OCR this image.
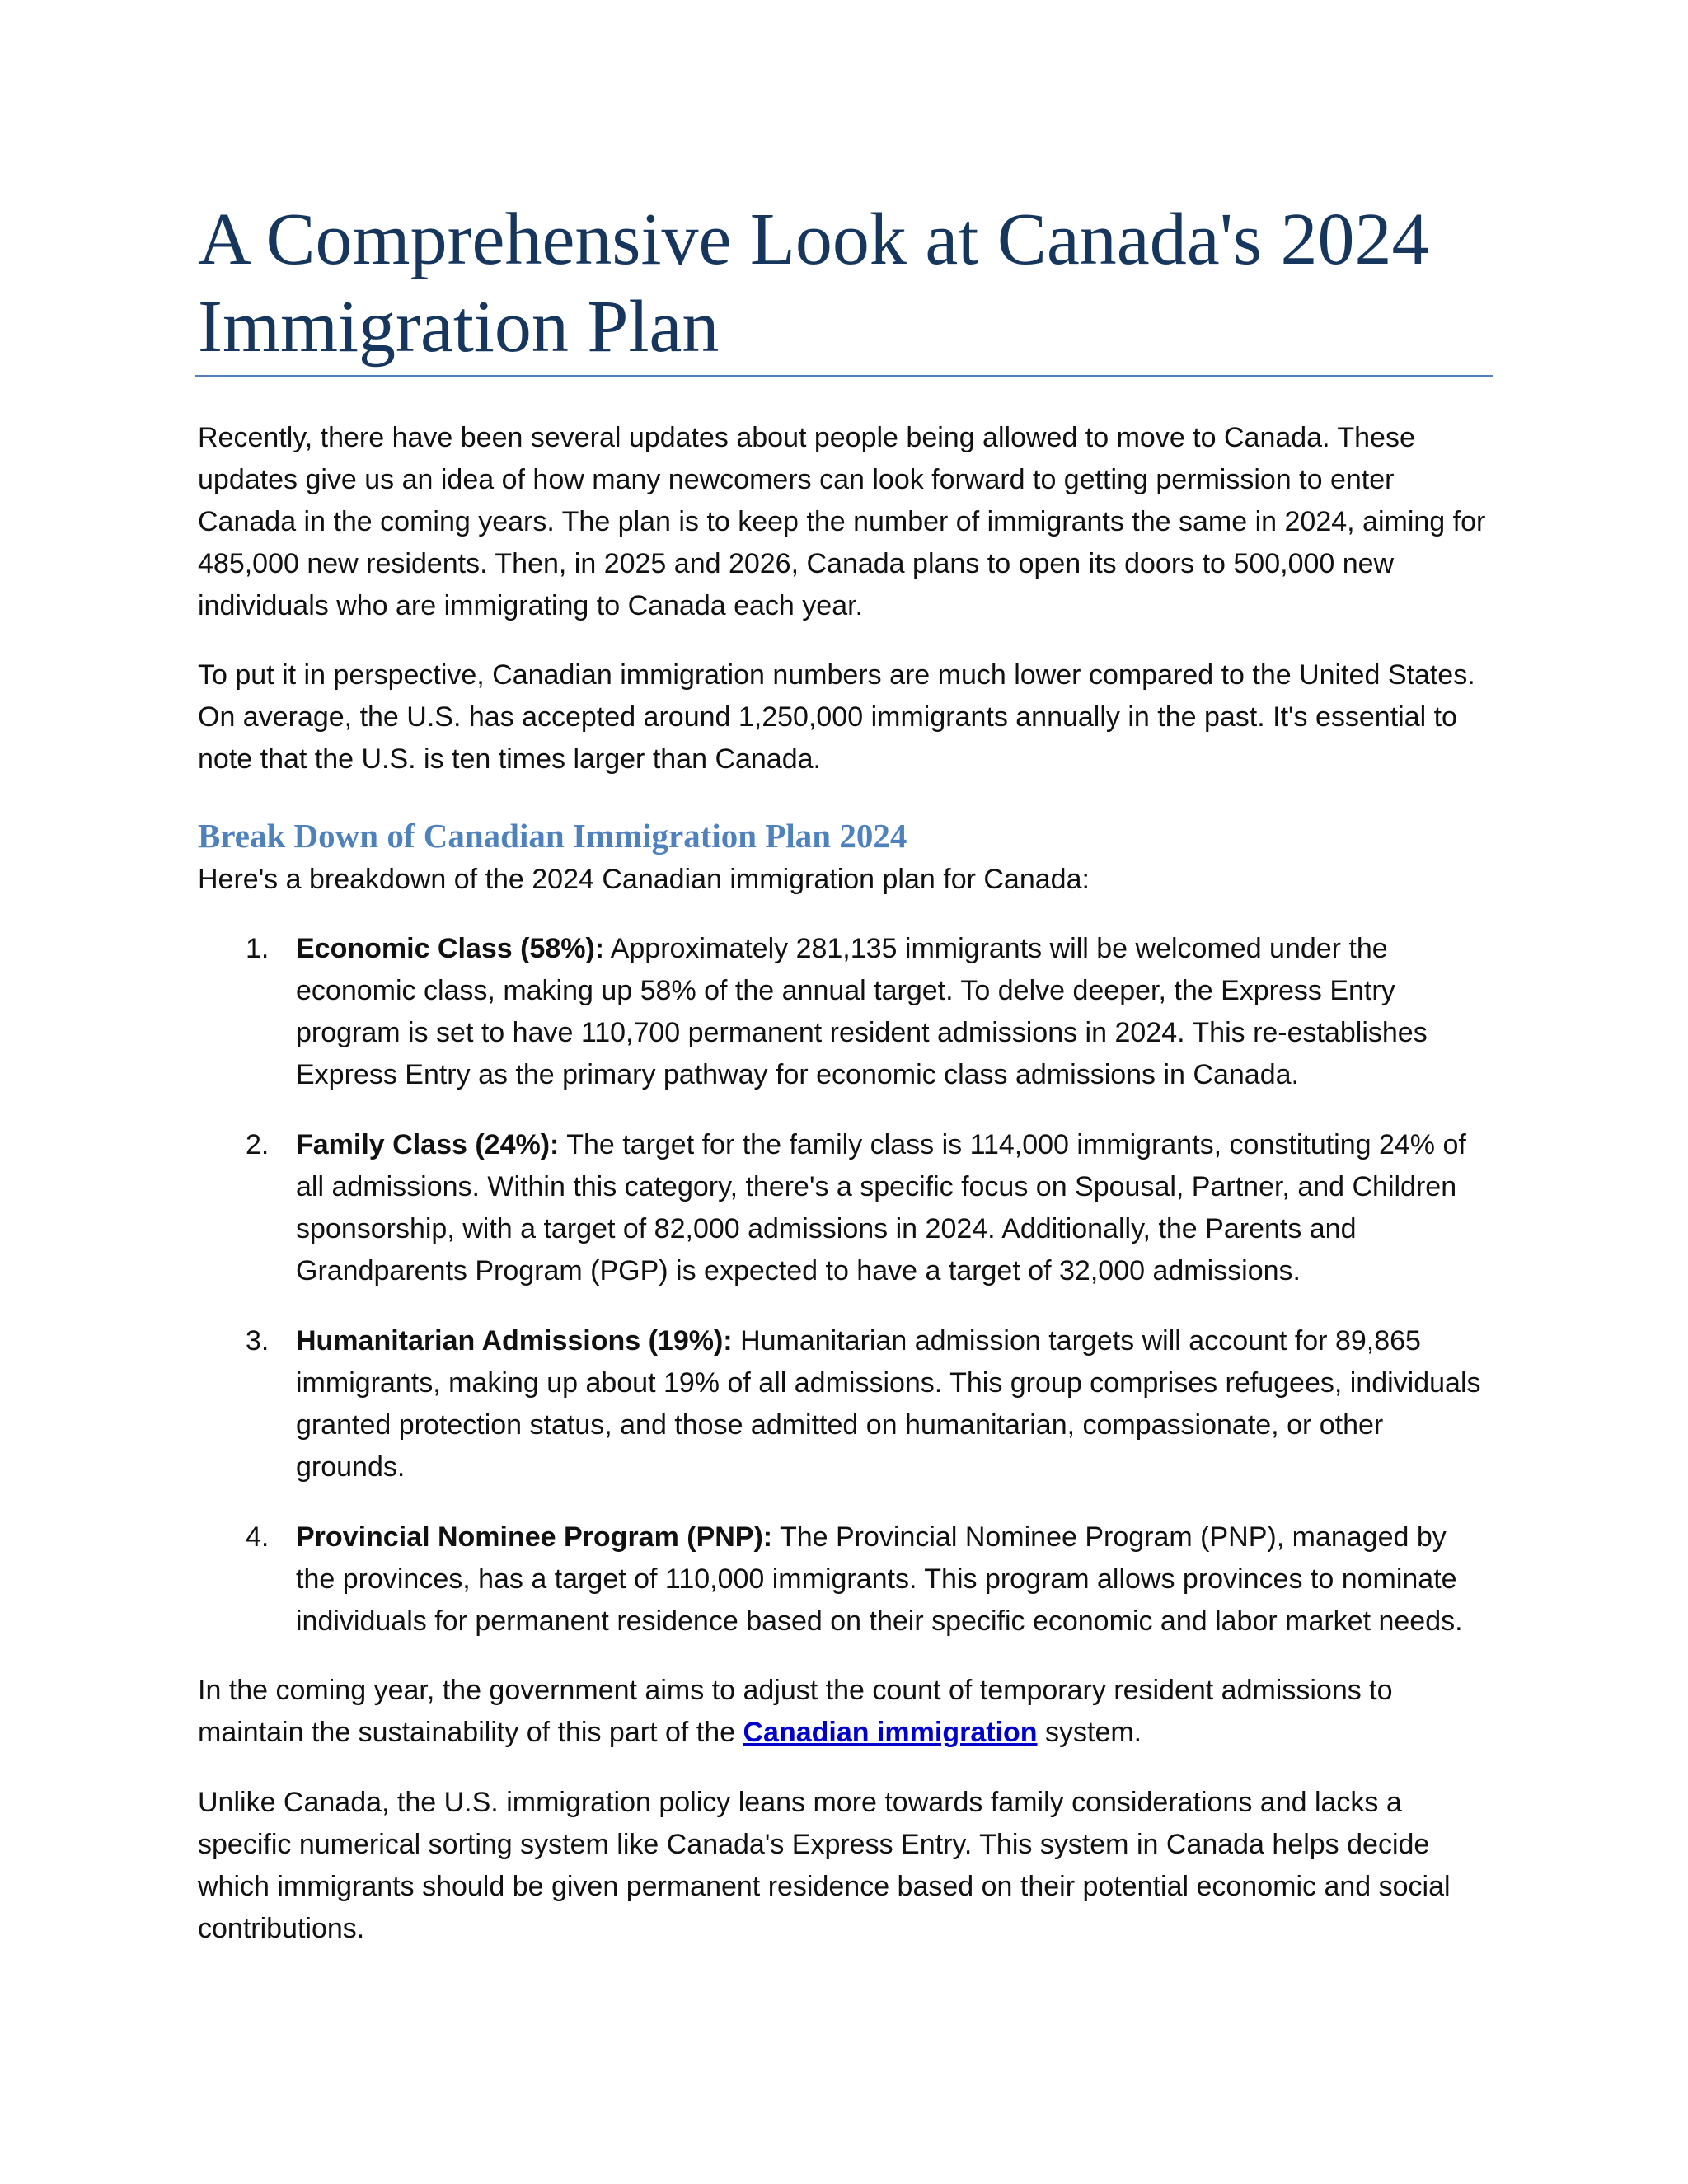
A Comprehensive Look at Canada's 2024 Immigration Plan

Recently, there have been several updates about people being allowed to move to Canada. These updates give us an idea of how many newcomers can look forward to getting permission to enter Canada in the coming years. The plan is to keep the number of immigrants the same in 2024, aiming for 485,000 new residents. Then, in 2025 and 2026, Canada plans to open its doors to 500,000 new individuals who are immigrating to Canada each year.

To put it in perspective, Canadian immigration numbers are much lower compared to the United States. On average, the U.S. has accepted around 1,250,000 immigrants annually in the past. It's essential to note that the U.S. is ten times larger than Canada.

Break Down of Canadian Immigration Plan 2024

Here's a breakdown of the 2024 Canadian immigration plan for Canada:

1. Economic Class (58%): Approximately 281,135 immigrants will be welcomed under the economic class, making up 58% of the annual target. To delve deeper, the Express Entry program is set to have 110,700 permanent resident admissions in 2024. This re-establishes Express Entry as the primary pathway for economic class admissions in Canada.
2. Family Class (24%): The target for the family class is 114,000 immigrants, constituting 24% of all admissions. Within this category, there's a specific focus on Spousal, Partner, and Children sponsorship, with a target of 82,000 admissions in 2024. Additionally, the Parents and Grandparents Program (PGP) is expected to have a target of 32,000 admissions.
3. Humanitarian Admissions (19%): Humanitarian admission targets will account for 89,865 immigrants, making up about 19% of all admissions. This group comprises refugees, individuals granted protection status, and those admitted on humanitarian, compassionate, or other grounds.
4. Provincial Nominee Program (PNP): The Provincial Nominee Program (PNP), managed by the provinces, has a target of 110,000 immigrants. This program allows provinces to nominate individuals for permanent residence based on their specific economic and labor market needs.

In the coming year, the government aims to adjust the count of temporary resident admissions to maintain the sustainability of this part of the Canadian immigration system.

Unlike Canada, the U.S. immigration policy leans more towards family considerations and lacks a specific numerical sorting system like Canada's Express Entry. This system in Canada helps decide which immigrants should be given permanent residence based on their potential economic and social contributions.
